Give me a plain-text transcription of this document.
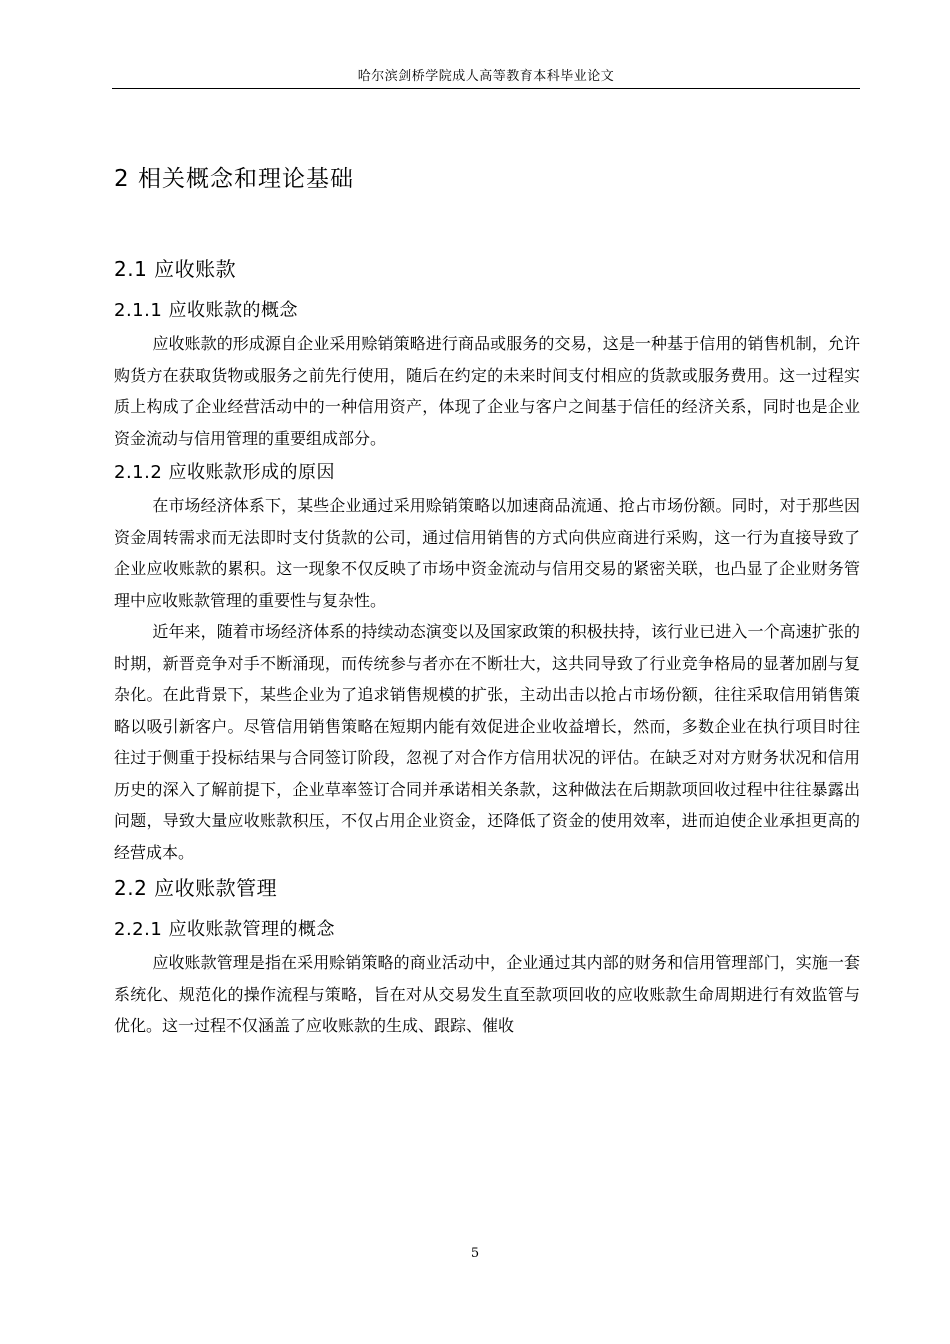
哈尔滨剑桥学院成人高等教育本科毕业论文
2 相关概念和理论基础
2.1 应收账款
2.1.1 应收账款的概念

应收账款的形成源自企业采用赊销策略进行商品或服务的交易，这是一种基于信用的销售机制，允许购货方在获取货物或服务之前先行使用，随后在约定的未来时间支付相应的货款或服务费用。这一过程实质上构成了企业经营活动中的一种信用资产，体现了企业与客户之间基于信任的经济关系，同时也是企业资金流动与信用管理的重要组成部分。

2.1.2 应收账款形成的原因

在市场经济体系下，某些企业通过采用赊销策略以加速商品流通、抢占市场份额。同时，对于那些因资金周转需求而无法即时支付货款的公司，通过信用销售的方式向供应商进行采购，这一行为直接导致了企业应收账款的累积。这一现象不仅反映了市场中资金流动与信用交易的紧密关联，也凸显了企业财务管理中应收账款管理的重要性与复杂性。

近年来，随着市场经济体系的持续动态演变以及国家政策的积极扶持，该行业已进入一个高速扩张的时期，新晋竞争对手不断涌现，而传统参与者亦在不断壮大，这共同导致了行业竞争格局的显著加剧与复杂化。在此背景下，某些企业为了追求销售规模的扩张，主动出击以抢占市场份额，往往采取信用销售策略以吸引新客户。尽管信用销售策略在短期内能有效促进企业收益增长，然而，多数企业在执行项目时往往过于侧重于投标结果与合同签订阶段，忽视了对合作方信用状况的评估。在缺乏对对方财务状况和信用历史的深入了解前提下，企业草率签订合同并承诺相关条款，这种做法在后期款项回收过程中往往暴露出问题，导致大量应收账款积压，不仅占用企业资金，还降低了资金的使用效率，进而迫使企业承担更高的经营成本。

2.2 应收账款管理
2.2.1 应收账款管理的概念

应收账款管理是指在采用赊销策略的商业活动中，企业通过其内部的财务和信用管理部门，实施一套系统化、规范化的操作流程与策略，旨在对从交易发生直至款项回收的应收账款生命周期进行有效监管与优化。这一过程不仅涵盖了应收账款的生成、跟踪、催收

5
